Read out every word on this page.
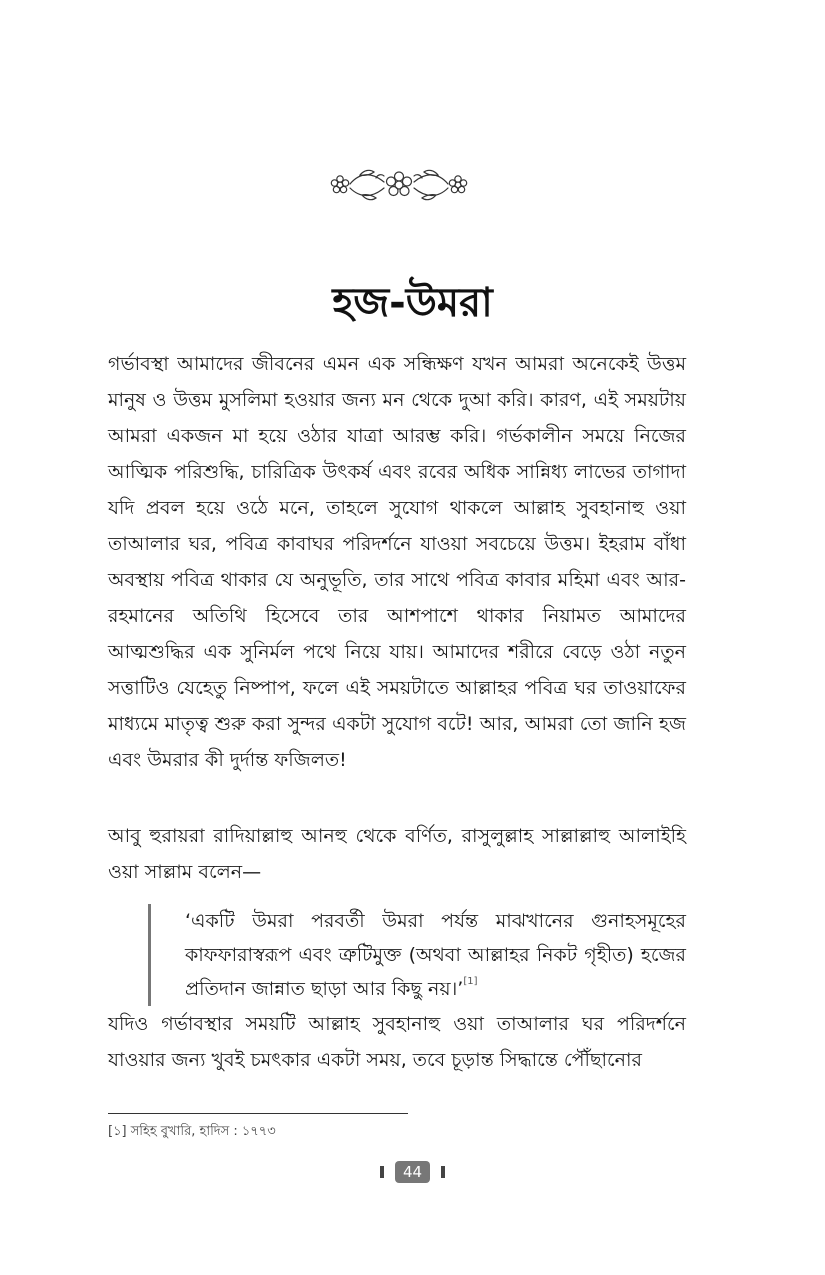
হজ-উমরা

গর্ভাবস্থা আমাদের জীবনের এমন এক সন্ধিক্ষণ যখন আমরা অনেকেই উত্তম মানুষ ও উত্তম মুসলিমা হওয়ার জন্য মন থেকে দুআ করি। কারণ, এই সময়টায় আমরা একজন মা হয়ে ওঠার যাত্রা আরম্ভ করি। গর্ভকালীন সময়ে নিজের আত্মিক পরিশুদ্ধি, চারিত্রিক উৎকর্ষ এবং রবের অধিক সান্নিধ্য লাভের তাগাদা যদি প্রবল হয়ে ওঠে মনে, তাহলে সুযোগ থাকলে আল্লাহ সুবহানাহু ওয়া তাআলার ঘর, পবিত্র কাবাঘর পরিদর্শনে যাওয়া সবচেয়ে উত্তম। ইহরাম বাঁধা অবস্থায় পবিত্র থাকার যে অনুভূতি, তার সাথে পবিত্র কাবার মহিমা এবং আর-রহমানের অতিথি হিসেবে তার আশপাশে থাকার নিয়ামত আমাদের আত্মশুদ্ধির এক সুনির্মল পথে নিয়ে যায়। আমাদের শরীরে বেড়ে ওঠা নতুন সত্তাটিও যেহেতু নিষ্পাপ, ফলে এই সময়টাতে আল্লাহর পবিত্র ঘর তাওয়াফের মাধ্যমে মাতৃত্ব শুরু করা সুন্দর একটা সুযোগ বটে! আর, আমরা তো জানি হজ এবং উমরার কী দুর্দান্ত ফজিলত!

আবু হুরায়রা রাদিয়াল্লাহু আনহু থেকে বর্ণিত, রাসুলুল্লাহ সাল্লাল্লাহু আলাইহি ওয়া সাল্লাম বলেন—

‘একটি উমরা পরবর্তী উমরা পর্যন্ত মাঝখানের গুনাহসমূহের কাফফারাস্বরূপ এবং ত্রুটিমুক্ত (অথবা আল্লাহর নিকট গৃহীত) হজের প্রতিদান জান্নাত ছাড়া আর কিছু নয়।’[1]

যদিও গর্ভাবস্থার সময়টি আল্লাহ সুবহানাহু ওয়া তাআলার ঘর পরিদর্শনে যাওয়ার জন্য খুবই চমৎকার একটা সময়, তবে চূড়ান্ত সিদ্ধান্তে পৌঁছানোর

[১] সহিহ বুখারি, হাদিস : ১৭৭৩
44
